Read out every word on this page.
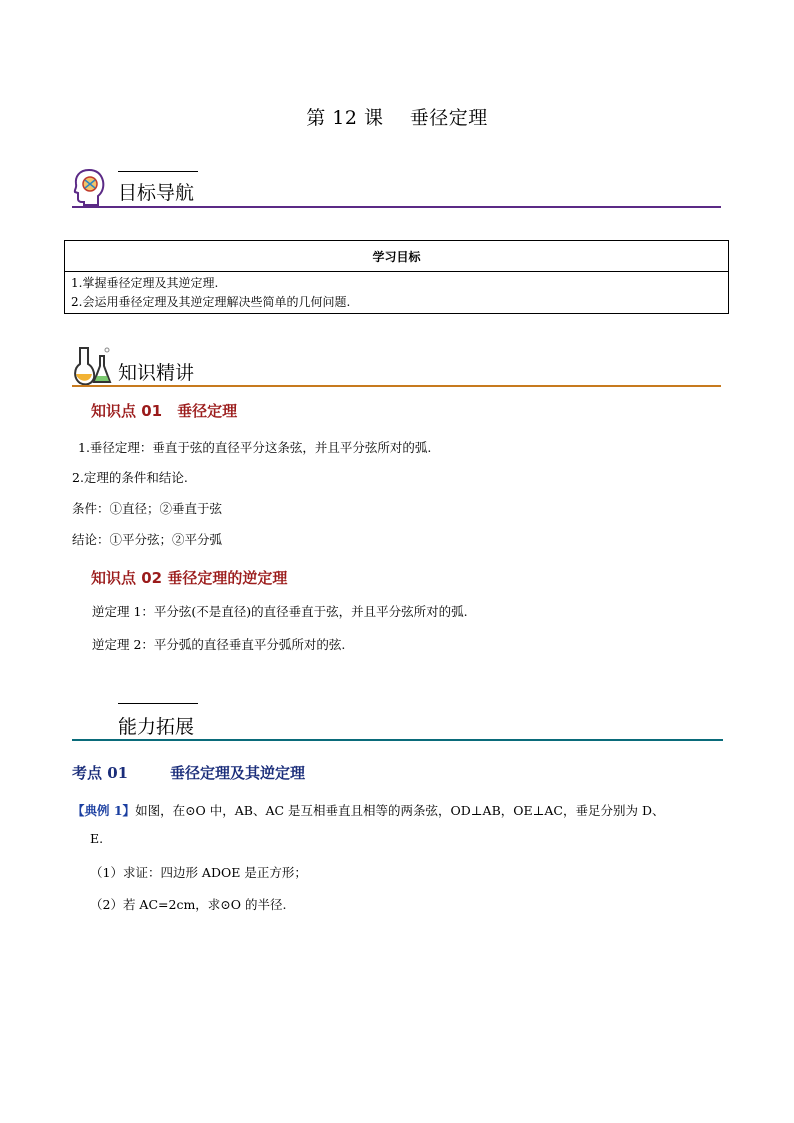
第 12 课 垂径定理
目标导航
学习目标

1.掌握垂径定理及其逆定理.
2.会运用垂径定理及其逆定理解决些简单的几何问题.
知识精讲
知识点 01　垂径定理
1.垂径定理：垂直于弦的直径平分这条弦，并且平分弦所对的弧.
2.定理的条件和结论.
条件：①直径；②垂直于弦
结论：①平分弦；②平分弧
知识点 02 垂径定理的逆定理
逆定理 1：平分弦(不是直径)的直径垂直于弦，并且平分弦所对的弧.
逆定理 2：平分弧的直径垂直平分弧所对的弦.
能力拓展
考点 01	垂径定理及其逆定理
【典例 1】如图，在⊙O 中，AB、AC 是互相垂直且相等的两条弦，OD⊥AB，OE⊥AC，垂足分别为 D、
E.
（1）求证：四边形 ADOE 是正方形；
（2）若 AC=2cm，求⊙O 的半径.
